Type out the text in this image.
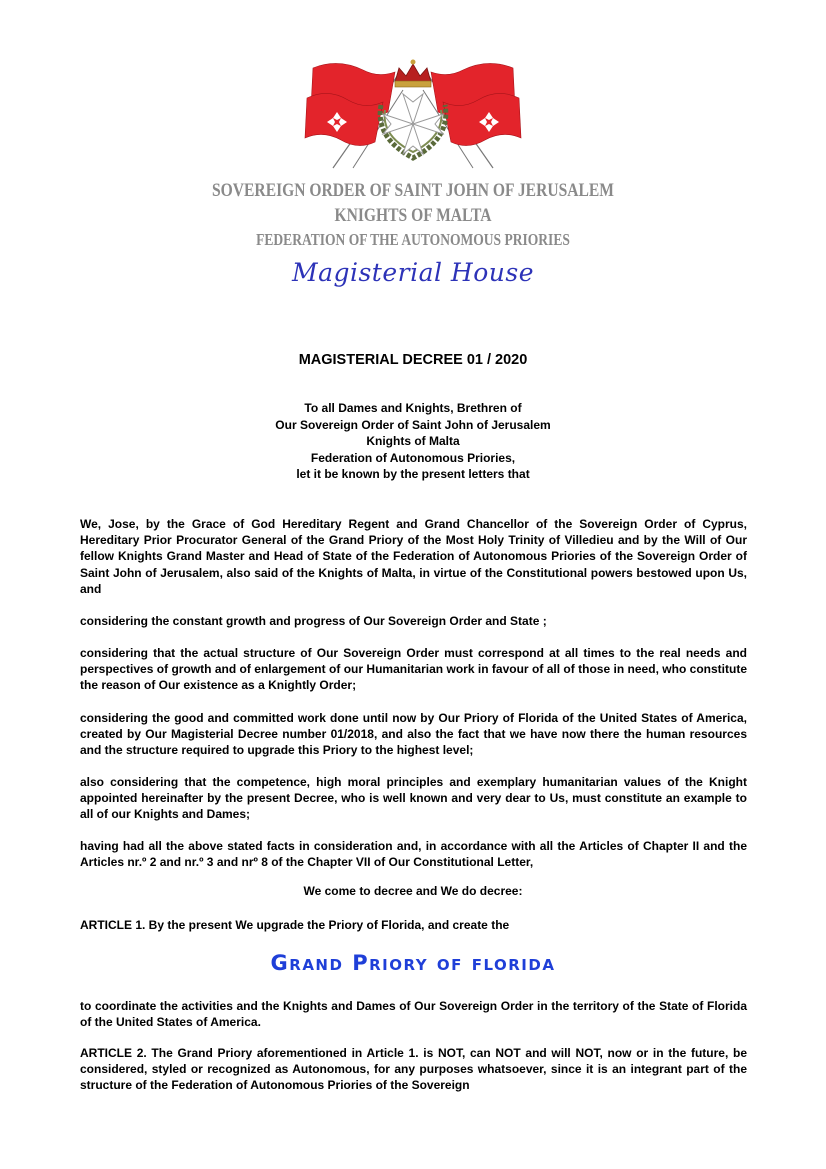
SOVEREIGN ORDER OF SAINT JOHN OF JERUSALEM
KNIGHTS OF MALTA
FEDERATION OF THE AUTONOMOUS PRIORIES
Magisterial House
MAGISTERIAL DECREE 01 / 2020
To all Dames and Knights, Brethren of
Our Sovereign Order of Saint John of Jerusalem
Knights of Malta
Federation of Autonomous Priories,
let it be known by the present letters that
We, Jose, by the Grace of God Hereditary Regent and Grand Chancellor of the Sovereign Order of Cyprus, Hereditary Prior Procurator General of the Grand Priory of the Most Holy Trinity of Villedieu and by the Will of Our fellow Knights Grand Master and Head of State of the Federation of Autonomous Priories of the Sovereign Order of Saint John of Jerusalem, also said of the Knights of Malta, in virtue of the Constitutional powers bestowed upon Us, and
considering the constant growth and progress of Our Sovereign Order and State ;
considering that the actual structure of Our Sovereign Order must correspond at all times to the real needs and perspectives of growth and of enlargement of our Humanitarian work in favour of all of those in need, who constitute the reason of Our existence as a Knightly Order;
considering the good and committed work done until now by Our Priory of Florida of the United States of America, created by Our Magisterial Decree number 01/2018, and also the fact that we have now there the human resources and the structure required to upgrade this Priory to the highest level;
also considering that the competence, high moral principles and exemplary humanitarian values of the Knight appointed hereinafter by the present Decree, who is well known and very dear to Us, must constitute an example to all of our Knights and Dames;
having had all the above stated facts in consideration and, in accordance with all the Articles of Chapter II and the Articles nr.º 2 and nr.º 3 and nrº 8 of the Chapter VII of Our Constitutional Letter,
We come to decree and We do decree:
ARTICLE 1. By the present We upgrade the Priory of Florida, and create the
Grand Priory of florida
to coordinate the activities and the Knights and Dames of Our Sovereign Order in the territory of the State of Florida of the United States of America.
ARTICLE 2. The Grand Priory aforementioned in Article 1. is NOT, can NOT and will NOT, now or in the future, be considered, styled or recognized as Autonomous, for any purposes whatsoever, since it is an integrant part of the structure of the Federation of Autonomous Priories of the Sovereign
